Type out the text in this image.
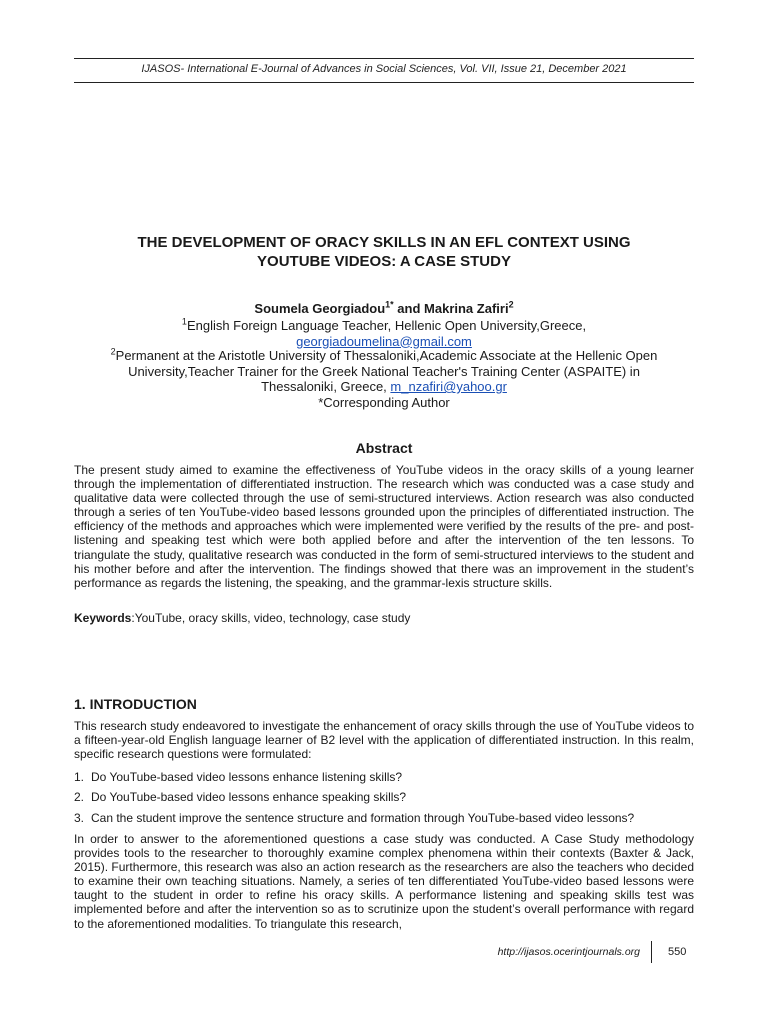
IJASOS- International E-Journal of Advances in Social Sciences, Vol. VII, Issue 21, December 2021
THE DEVELOPMENT OF ORACY SKILLS IN AN EFL CONTEXT USING
YOUTUBE VIDEOS: A CASE STUDY
Soumela Georgiadou$^{1*}$ and Makrina Zafiri$^2$
$^1$English Foreign Language Teacher, Hellenic Open University,Greece,
georgiadoumelina@gmail.com
$^2$Permanent at the Aristotle University of Thessaloniki,Academic Associate at the Hellenic Open
University,Teacher Trainer for the Greek National Teacher's Training Center (ASPAITE) in
Thessaloniki, Greece, m_nzafiri@yahoo.gr
*Corresponding Author
Abstract

The present study aimed to examine the effectiveness of YouTube videos in the oracy skills of a young learner through the implementation of differentiated instruction. The research which was conducted was a case study and qualitative data were collected through the use of semi-structured interviews. Action research was also conducted through a series of ten YouTube-video based lessons grounded upon the principles of differentiated instruction. The efficiency of the methods and approaches which were implemented were verified by the results of the pre- and post-listening and speaking test which were both applied before and after the intervention of the ten lessons. To triangulate the study, qualitative research was conducted in the form of semi-structured interviews to the student and his mother before and after the intervention. The findings showed that there was an improvement in the student’s performance as regards the listening, the speaking, and the grammar-lexis structure skills.

Keywords:YouTube, oracy skills, video, technology, case study
1. INTRODUCTION

This research study endeavored to investigate the enhancement of oracy skills through the use of YouTube videos to a fifteen-year-old English language learner of B2 level with the application of differentiated instruction. In this realm, specific research questions were formulated:

1. Do YouTube-based video lessons enhance listening skills?
2. Do YouTube-based video lessons enhance speaking skills?
3. Can the student improve the sentence structure and formation through YouTube-based video lessons?

In order to answer to the aforementioned questions a case study was conducted. A Case Study methodology provides tools to the researcher to thoroughly examine complex phenomena within their contexts (Baxter & Jack, 2015). Furthermore, this research was also an action research as the researchers are also the teachers who decided to examine their own teaching situations. Namely, a series of ten differentiated YouTube-video based lessons were taught to the student in order to refine his oracy skills. A performance listening and speaking skills test was implemented before and after the intervention so as to scrutinize upon the student’s overall performance with regard to the aforementioned modalities. To triangulate this research,

http://ijasos.ocerintjournals.org	550
